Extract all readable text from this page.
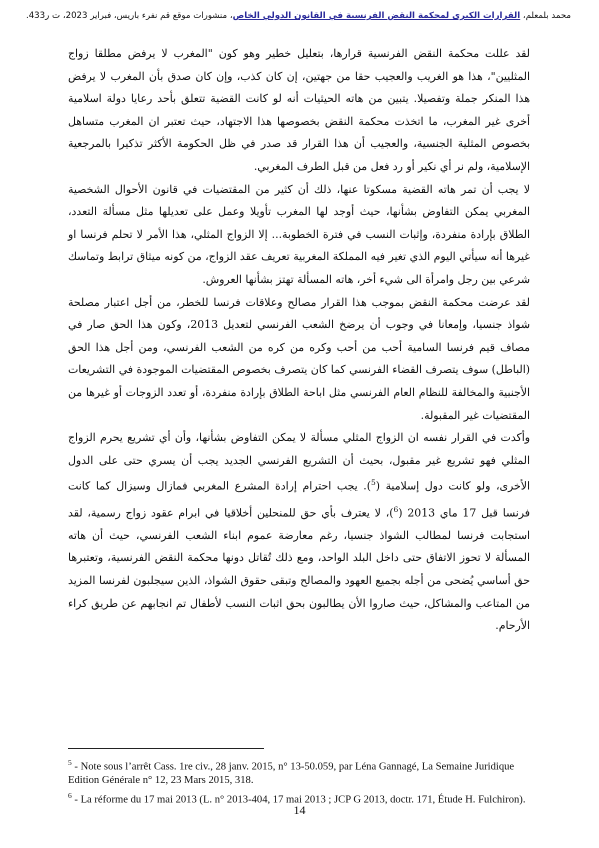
محمد بلمعلم، القرارات الكبرى لمحكمة النقض الفرنسية في القانون الدولي الخاص، منشورات موقع قم نفرء باريس، فبراير 2023، ت ر433.

لقد عللت محكمة النقض الفرنسية قرارها، بتعليل خطير وهو كون "المغرب لا يرفض مطلقا زواج المثليين"، هذا هو الغريب والعجيب حقا من جهتين، إن كان كذب، وإن كان صدق بأن المغرب لا يرفض هذا المنكر جملة وتفصيلا. يتبين من هاته الحيثيات أنه لو كانت القضية تتعلق بأحد رعايا دولة اسلامية أخرى غير المغرب، ما اتخذت محكمة النقض بخصوصها هذا الاجتهاد، حيث تعتبر ان المغرب متساهل بخصوص المثلية الجنسية، والعجيب أن هذا القرار قد صدر في ظل الحكومة الأكثر تذكيرا بالمرجعية الإسلامية، ولم نر أي نكير أو رد فعل من قبل الطرف المغربي.

لا يجب أن تمر هاته القضية مسكوتا عنها، ذلك أن كثير من المقتضيات في قانون الأحوال الشخصية المغربي يمكن التفاوض بشأنها، حيث أوجد لها المغرب تأويلا وعمل على تعديلها مثل مسألة التعدد، الطلاق بإرادة منفردة، وإثبات النسب في فترة الخطوبة... إلا الزواج المثلي، هذا الأمر لا تحلم فرنسا او غيرها أنه سيأتي اليوم الذي تغير فيه المملكة المغربية تعريف عقد الزواج، من كونه ميثاق ترابط وتماسك شرعي بين رجل وامرأة الى شيء أخر، هاته المسألة تهتز بشأنها العروش.

لقد عرضت محكمة النقض بموجب هذا القرار مصالح وعلاقات فرنسا للخطر، من أجل اعتبار مصلحة شواذ جنسيا، وإمعانا في وجوب أن يرضخ الشعب الفرنسي لتعديل 2013، وكون هذا الحق صار في مصاف قيم فرنسا السامية أحب من أحب وكره من كره من الشعب الفرنسي، ومن أجل هذا الحق (الباطل) سوف يتصرف القضاء الفرنسي كما كان يتصرف بخصوص المقتضيات الموجودة في التشريعات الأجنبية والمخالفة للنظام العام الفرنسي مثل اباحة الطلاق بإرادة منفردة، أو تعدد الزوجات أو غيرها من المقتضيات غير المقبولة.

وأكدت في القرار نفسه ان الزواج المثلي مسألة لا يمكن التفاوض بشأنها، وأن أي تشريع يحرم الزواج المثلي فهو تشريع غير مقبول، بحيث أن التشريع الفرنسي الجديد يجب أن يسري حتى على الدول الأخرى، ولو كانت دول إسلامية ($^5$). يجب احترام إرادة المشرع المغربي فمازال وسيزال كما كانت فرنسا قبل 17 ماي 2013 ($^6$)، لا يعترف بأي حق للمنحلين أخلاقيا في ابرام عقود زواج رسمية، لقد استجابت فرنسا لمطالب الشواذ جنسيا، رغم معارضة عموم ابناء الشعب الفرنسي، حيث أن هاته المسألة لا تحوز الاتفاق حتى داخل البلد الواحد، ومع ذلك تُقاتل دونها محكمة النقض الفرنسية، وتعتبرها حق أساسي يُضحى من أجله بجميع العهود والمصالح وتبقى حقوق الشواذ، الذين سيجلبون لفرنسا المزيد من المتاعب والمشاكل، حيث صاروا الأن يطالبون بحق اثبات النسب لأطفال تم انجابهم عن طريق كراء الأرحام.

$^5$ - Note sous l’arrêt Cass. 1re civ., 28 janv. 2015, n° 13-50.059, par Léna Gannagé, La Semaine Juridique Edition Générale n° 12, 23 Mars 2015, 318.

$^6$ - La réforme du 17 mai 2013 (L. n° 2013-404, 17 mai 2013 ; JCP G 2013, doctr. 171, Étude H. Fulchiron).

14
